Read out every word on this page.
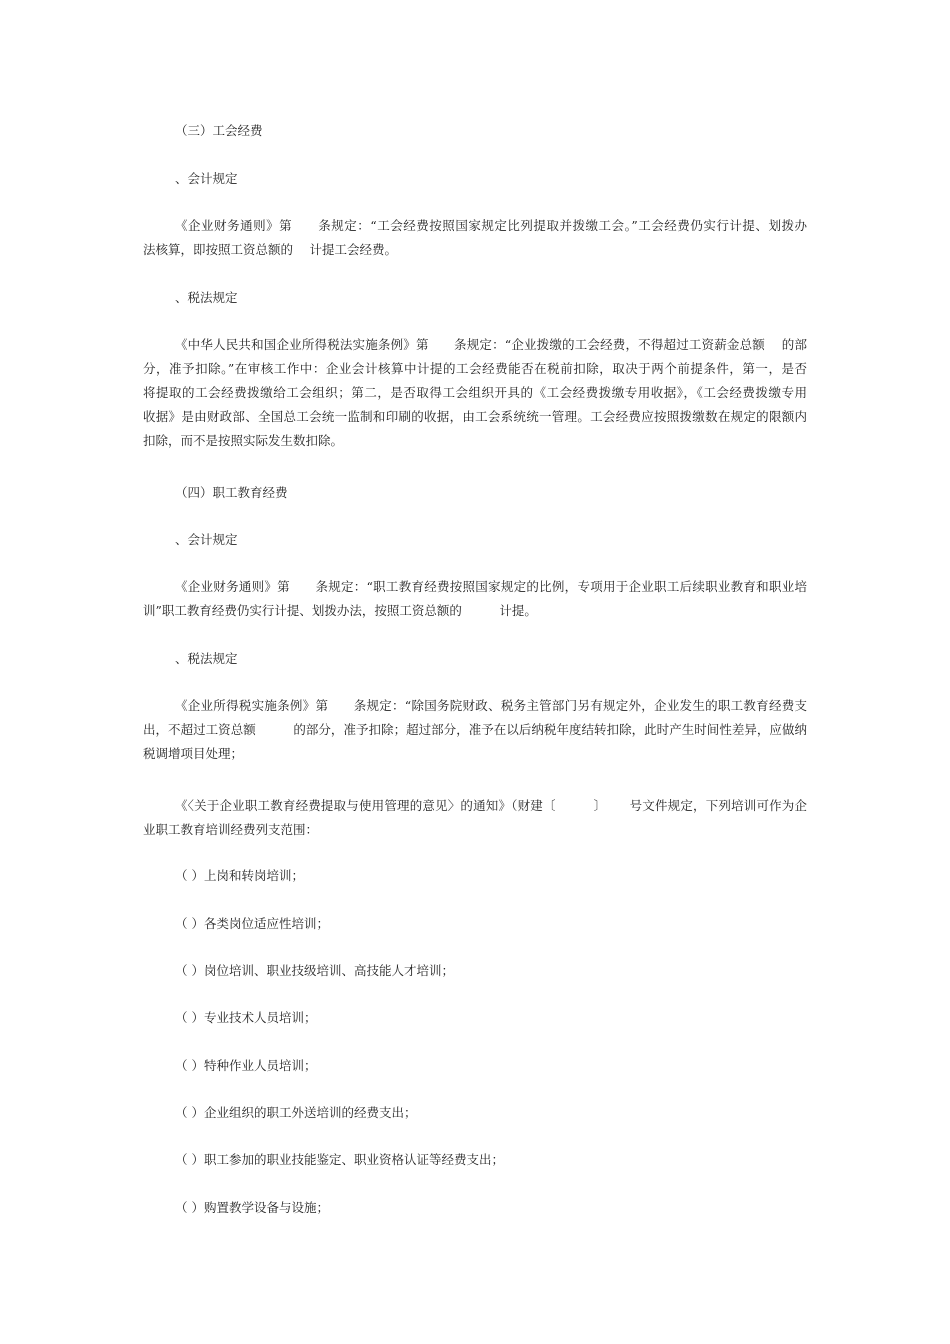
（三）工会经费
、会计规定
《企业财务通则》第　　条规定：“工会经费按照国家规定比列提取并拨缴工会。”工会经费仍实行计提、划拨办
法核算，即按照工资总额的　 计提工会经费。
、税法规定
《中华人民共和国企业所得税法实施条例》第　　条规定：“企业拨缴的工会经费，不得超过工资薪金总额　 的部
分，准予扣除。”在审核工作中：企业会计核算中计提的工会经费能否在税前扣除，取决于两个前提条件，第一，是否
将提取的工会经费拨缴给工会组织；第二，是否取得工会组织开具的《工会经费拨缴专用收据》，《工会经费拨缴专用
收据》是由财政部、全国总工会统一监制和印刷的收据，由工会系统统一管理。工会经费应按照拨缴数在规定的限额内
扣除，而不是按照实际发生数扣除。
（四）职工教育经费
、会计规定
《企业财务通则》第　　条规定：“职工教育经费按照国家规定的比例，专项用于企业职工后续职业教育和职业培
训”职工教育经费仍实行计提、划拨办法，按照工资总额的　　　计提。
、税法规定
《企业所得税实施条例》第　　条规定：“除国务院财政、税务主管部门另有规定外，企业发生的职工教育经费支
出，不超过工资总额　　　的部分，准予扣除；超过部分，准予在以后纳税年度结转扣除，此时产生时间性差异，应做纳
税调增项目处理；
《〈关于企业职工教育经费提取与使用管理的意见〉的通知》（财建〔　　　〕　　 号文件规定，下列培训可作为企
业职工教育培训经费列支范围：
（ ）上岗和转岗培训；
（ ）各类岗位适应性培训；
（ ）岗位培训、职业技级培训、高技能人才培训；
（ ）专业技术人员培训；
（ ）特种作业人员培训；
（ ）企业组织的职工外送培训的经费支出；
（ ）职工参加的职业技能鉴定、职业资格认证等经费支出；
（ ）购置教学设备与设施；
